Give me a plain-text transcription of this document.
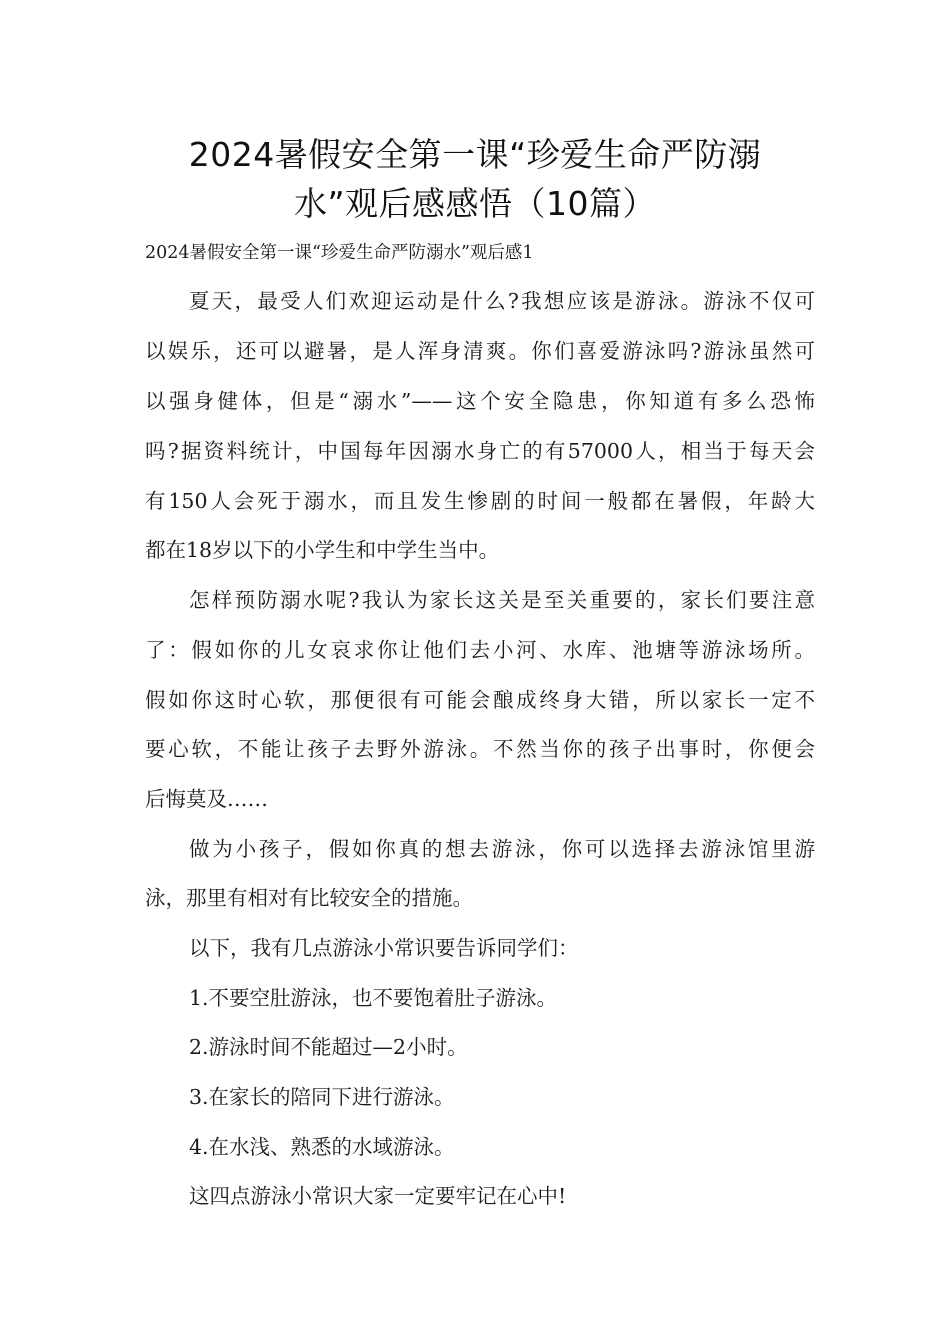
2024暑假安全第一课“珍爱生命严防溺
水”观后感感悟（10篇）
2024暑假安全第一课“珍爱生命严防溺水”观后感1
夏天，最受人们欢迎运动是什么?我想应该是游泳。游泳不仅可
以娱乐，还可以避暑，是人浑身清爽。你们喜爱游泳吗?游泳虽然可
以强身健体，但是“溺水”——这个安全隐患，你知道有多么恐怖
吗?据资料统计，中国每年因溺水身亡的有57000人，相当于每天会
有150人会死于溺水，而且发生惨剧的时间一般都在暑假，年龄大
都在18岁以下的小学生和中学生当中。
怎样预防溺水呢?我认为家长这关是至关重要的，家长们要注意
了：假如你的儿女哀求你让他们去小河、水库、池塘等游泳场所。
假如你这时心软，那便很有可能会酿成终身大错，所以家长一定不
要心软，不能让孩子去野外游泳。不然当你的孩子出事时，你便会
后悔莫及……
做为小孩子，假如你真的想去游泳，你可以选择去游泳馆里游
泳，那里有相对有比较安全的措施。
以下，我有几点游泳小常识要告诉同学们：
1.不要空肚游泳，也不要饱着肚子游泳。
2.游泳时间不能超过—2小时。
3.在家长的陪同下进行游泳。
4.在水浅、熟悉的水域游泳。
这四点游泳小常识大家一定要牢记在心中!
